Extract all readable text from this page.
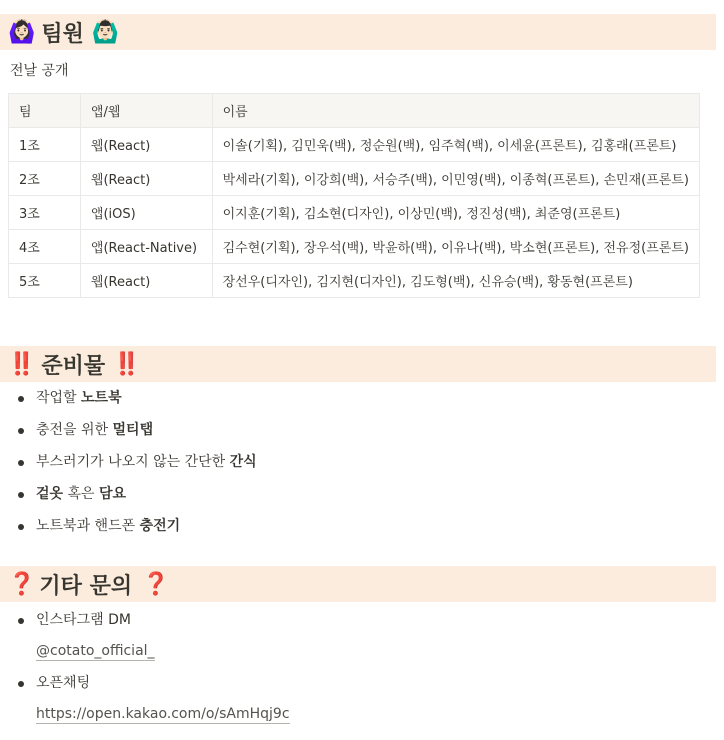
🙆🏻‍♀️ 팀원 🙆🏻‍♂️
전날 공개
팀	앱/웹	이름
1조	웹(React)	이솔(기획), 김민욱(백), 정순원(백), 임주혁(백), 이세윤(프론트), 김홍래(프론트)
2조	웹(React)	박세라(기획), 이강희(백), 서승주(백), 이민영(백), 이종혁(프론트), 손민재(프론트)
3조	앱(iOS)	이지훈(기획), 김소현(디자인), 이상민(백), 정진성(백), 최준영(프론트)
4조	앱(React-Native)	김수현(기획), 장우석(백), 박윤하(백), 이유나(백), 박소현(프론트), 전유정(프론트)
5조	웹(React)	장선우(디자인), 김지현(디자인), 김도형(백), 신유승(백), 황동현(프론트)
‼️ 준비물 ‼️
작업할 노트북
충전을 위한 멀티탭
부스러기가 나오지 않는 간단한 간식
겉옷 혹은 담요
노트북과 핸드폰 충전기
❓ 기타 문의 ❓
인스타그램 DM
@cotato_official_
오픈채팅
https://open.kakao.com/o/sAmHqj9c
